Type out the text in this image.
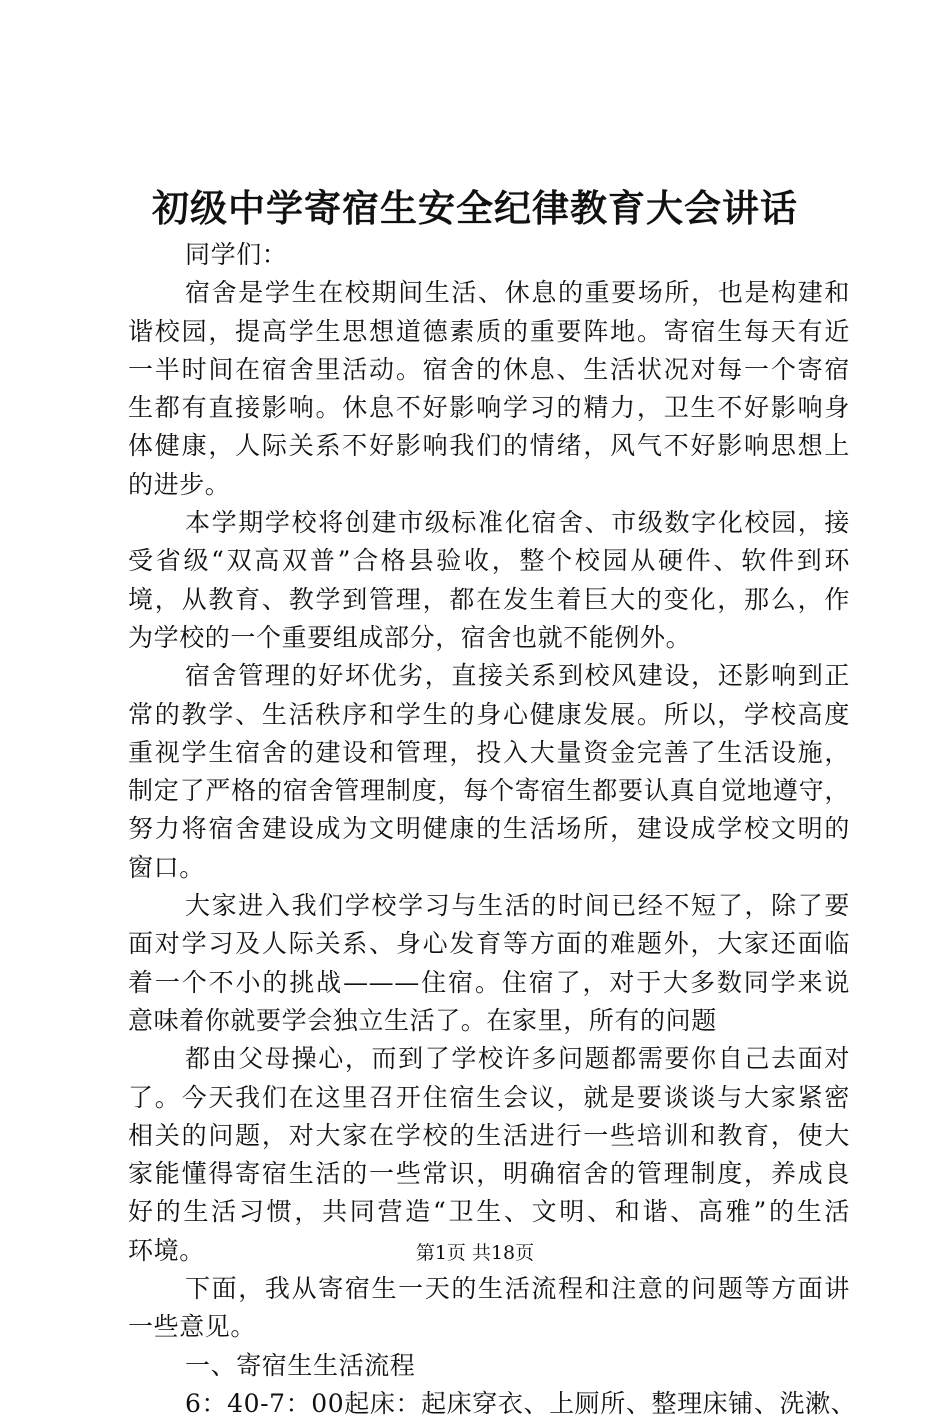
初级中学寄宿生安全纪律教育大会讲话
同学们：
宿舍是学生在校期间生活、休息的重要场所，也是构建和
谐校园，提高学生思想道德素质的重要阵地。寄宿生每天有近
一半时间在宿舍里活动。宿舍的休息、生活状况对每一个寄宿
生都有直接影响。休息不好影响学习的精力，卫生不好影响身
体健康，人际关系不好影响我们的情绪，风气不好影响思想上
的进步。
本学期学校将创建市级标准化宿舍、市级数字化校园，接
受省级“双高双普”合格县验收，整个校园从硬件、软件到环
境，从教育、教学到管理，都在发生着巨大的变化，那么，作
为学校的一个重要组成部分，宿舍也就不能例外。
宿舍管理的好坏优劣，直接关系到校风建设，还影响到正
常的教学、生活秩序和学生的身心健康发展。所以，学校高度
重视学生宿舍的建设和管理，投入大量资金完善了生活设施，
制定了严格的宿舍管理制度，每个寄宿生都要认真自觉地遵守，
努力将宿舍建设成为文明健康的生活场所，建设成学校文明的
窗口。
大家进入我们学校学习与生活的时间已经不短了，除了要
面对学习及人际关系、身心发育等方面的难题外，大家还面临
着一个不小的挑战———住宿。住宿了，对于大多数同学来说
意味着你就要学会独立生活了。在家里，所有的问题
都由父母操心，而到了学校许多问题都需要你自己去面对
了。今天我们在这里召开住宿生会议，就是要谈谈与大家紧密
相关的问题，对大家在学校的生活进行一些培训和教育，使大
家能懂得寄宿生活的一些常识，明确宿舍的管理制度，养成良
好的生活习惯，共同营造“卫生、文明、和谐、高雅”的生活
环境。
下面，我从寄宿生一天的生活流程和注意的问题等方面讲
一些意见。
一、寄宿生生活流程
6：40-7：00起床：起床穿衣、上厕所、整理床铺、洗漱、
第1页 共18页
